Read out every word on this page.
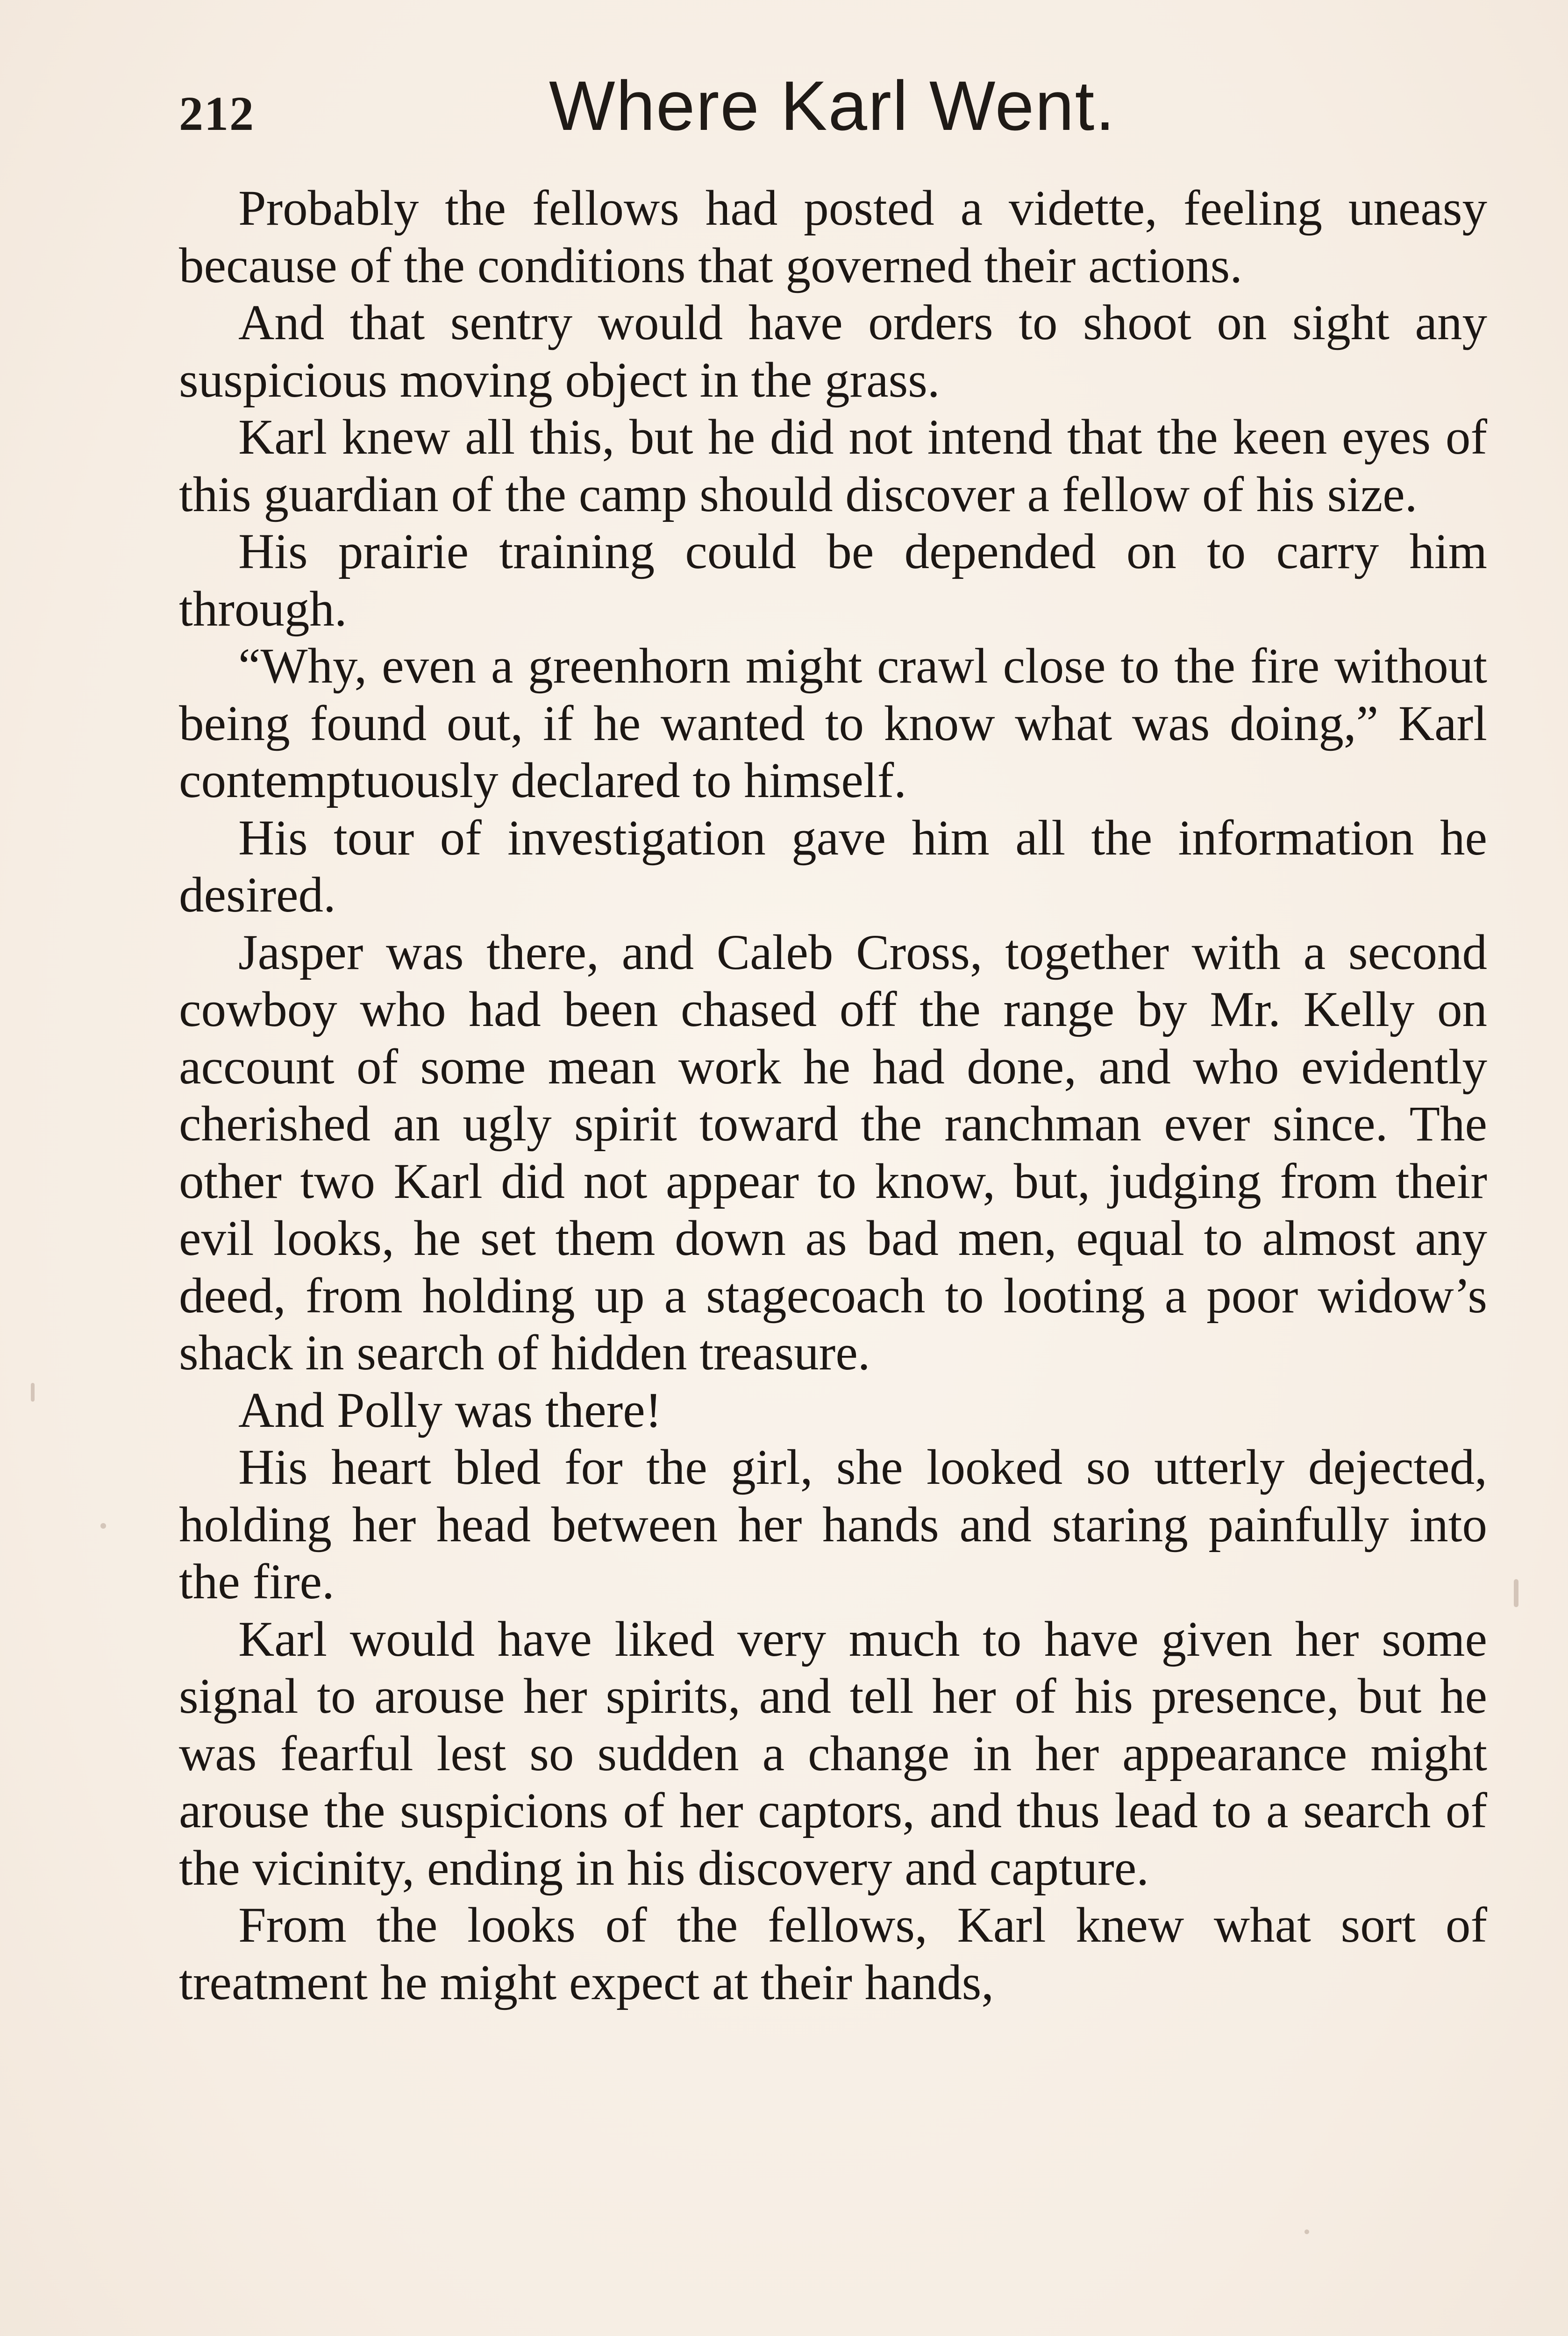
212	Where Karl Went.

Probably the fellows had posted a vidette, feeling uneasy because of the conditions that governed their actions.

And that sentry would have orders to shoot on sight any suspicious moving object in the grass.

Karl knew all this, but he did not intend that the keen eyes of this guardian of the camp should discover a fellow of his size.

His prairie training could be depended on to carry him through.

“Why, even a greenhorn might crawl close to the fire without being found out, if he wanted to know what was doing,” Karl contemptuously declared to himself.

His tour of investigation gave him all the information he desired.

Jasper was there, and Caleb Cross, together with a second cowboy who had been chased off the range by Mr. Kelly on account of some mean work he had done, and who evidently cherished an ugly spirit toward the ranchman ever since. The other two Karl did not appear to know, but, judging from their evil looks, he set them down as bad men, equal to almost any deed, from holding up a stagecoach to looting a poor widow’s shack in search of hidden treasure.

And Polly was there!

His heart bled for the girl, she looked so utterly dejected, holding her head between her hands and staring painfully into the fire.

Karl would have liked very much to have given her some signal to arouse her spirits, and tell her of his presence, but he was fearful lest so sudden a change in her appearance might arouse the suspicions of her captors, and thus lead to a search of the vicinity, ending in his discovery and capture.

From the looks of the fellows, Karl knew what sort of treatment he might expect at their hands,
